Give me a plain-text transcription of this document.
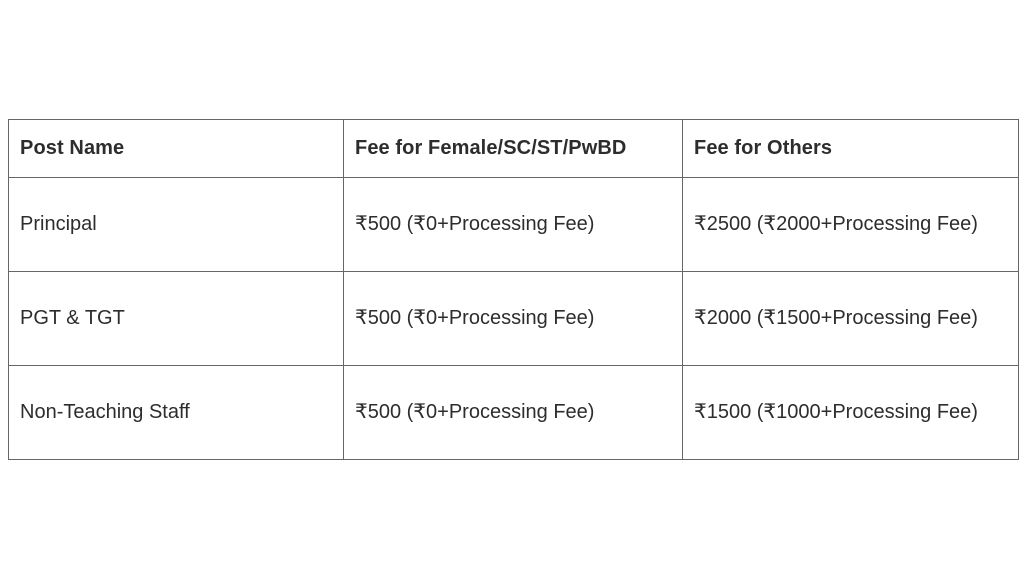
Post Name	Fee for Female/SC/ST/PwBD	Fee for Others
Principal	₹500 (₹0+Processing Fee)	₹2500 (₹2000+Processing Fee)
PGT & TGT	₹500 (₹0+Processing Fee)	₹2000 (₹1500+Processing Fee)
Non-Teaching Staff	₹500 (₹0+Processing Fee)	₹1500 (₹1000+Processing Fee)
